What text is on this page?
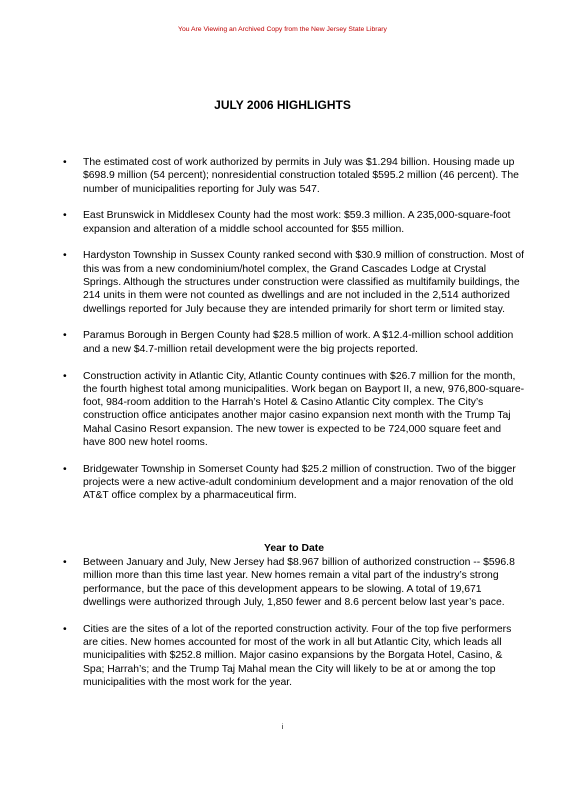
You Are Viewing an Archived Copy from the New Jersey State Library
JULY 2006 HIGHLIGHTS

• The estimated cost of work authorized by permits in July was $1.294 billion. Housing made up $698.9 million (54 percent); nonresidential construction totaled $595.2 million (46 percent). The number of municipalities reporting for July was 547.

• East Brunswick in Middlesex County had the most work: $59.3 million. A 235,000-square-foot expansion and alteration of a middle school accounted for $55 million.

• Hardyston Township in Sussex County ranked second with $30.9 million of construction. Most of this was from a new condominium/hotel complex, the Grand Cascades Lodge at Crystal Springs. Although the structures under construction were classified as multifamily buildings, the 214 units in them were not counted as dwellings and are not included in the 2,514 authorized dwellings reported for July because they are intended primarily for short term or limited stay.

• Paramus Borough in Bergen County had $28.5 million of work. A $12.4-million school addition and a new $4.7-million retail development were the big projects reported.

• Construction activity in Atlantic City, Atlantic County continues with $26.7 million for the month, the fourth highest total among municipalities. Work began on Bayport II, a new, 976,800-square-foot, 984-room addition to the Harrah’s Hotel & Casino Atlantic City complex. The City’s construction office anticipates another major casino expansion next month with the Trump Taj Mahal Casino Resort expansion. The new tower is expected to be 724,000 square feet and have 800 new hotel rooms.

• Bridgewater Township in Somerset County had $25.2 million of construction. Two of the bigger projects were a new active-adult condominium development and a major renovation of the old AT&T office complex by a pharmaceutical firm.

Year to Date

• Between January and July, New Jersey had $8.967 billion of authorized construction -- $596.8 million more than this time last year. New homes remain a vital part of the industry’s strong performance, but the pace of this development appears to be slowing. A total of 19,671 dwellings were authorized through July, 1,850 fewer and 8.6 percent below last year’s pace.

• Cities are the sites of a lot of the reported construction activity. Four of the top five performers are cities. New homes accounted for most of the work in all but Atlantic City, which leads all municipalities with $252.8 million. Major casino expansions by the Borgata Hotel, Casino, & Spa; Harrah’s; and the Trump Taj Mahal mean the City will likely to be at or among the top municipalities with the most work for the year.

i
